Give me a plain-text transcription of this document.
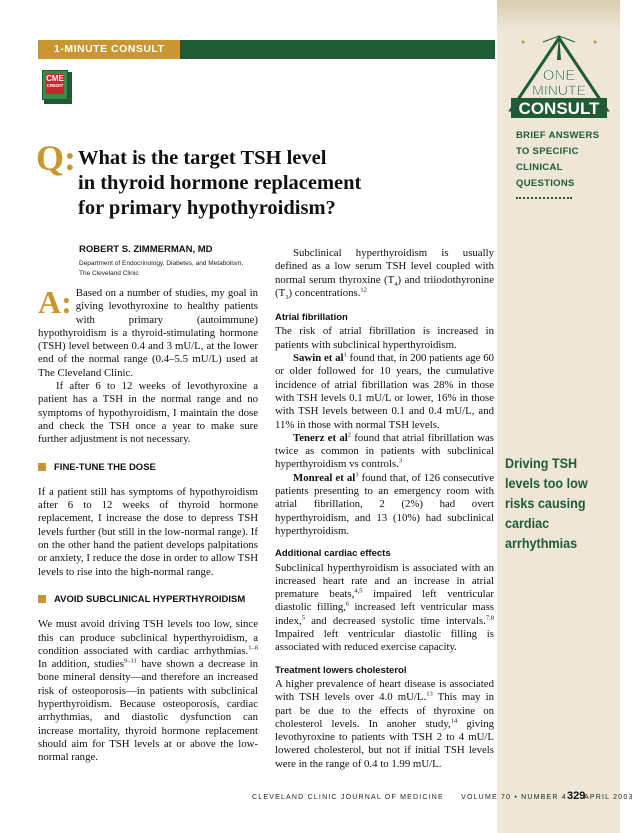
1-MINUTE CONSULT
CME
CREDIT
ONE
MINUTE
CONSULT
BRIEF ANSWERS
TO SPECIFIC
CLINICAL
QUESTIONS
Driving TSH
levels too low
risks causing
cardiac
arrhythmias
Q: What is the target TSH level
in thyroid hormone replacement
for primary hypothyroidism?
ROBERT S. ZIMMERMAN, MD
Department of Endocrinology, Diabetes, and Metabolism,
The Cleveland Clinic

A: Based on a number of studies, my goal in giving levothyroxine to healthy patients with primary (autoimmune) hypothyroidism is a thyroid-stimulating hormone (TSH) level between 0.4 and 3 mU/L, at the lower end of the normal range (0.4–5.5 mU/L) used at The Cleveland Clinic.

If after 6 to 12 weeks of levothyroxine a patient has a TSH in the normal range and no symptoms of hypothyroidism, I maintain the dose and check the TSH once a year to make sure further adjustment is not necessary.

FINE-TUNE THE DOSE

If a patient still has symptoms of hypothyroidism after 6 to 12 weeks of thyroid hormone replacement, I increase the dose to depress TSH levels further (but still in the low-normal range). If on the other hand the patient develops palpitations or anxiety, I reduce the dose in order to allow TSH levels to rise into the high-normal range.

AVOID SUBCLINICAL HYPERTHYROIDISM

We must avoid driving TSH levels too low, since this can produce subclinical hyperthyroidism, a condition associated with cardiac arrhythmias.$^{1-8}$ In addition, studies$^{9-11}$ have shown a decrease in bone mineral density—and therefore an increased risk of osteoporosis—in patients with subclinical hyperthyroidism. Because osteoporosis, cardiac arrhythmias, and diastolic dysfunction can increase mortality, thyroid hormone replacement should aim for TSH levels at or above the low-normal range.

Subclinical hyperthyroidism is usually defined as a low serum TSH level coupled with normal serum thyroxine $(T_4)$ and triiodothyronine $(T_3)$ concentrations.$^{12}$

Atrial fibrillation

The risk of atrial fibrillation is increased in patients with subclinical hyperthyroidism.

Sawin et $al^1$ found that, in 200 patients age 60 or older followed for 10 years, the cumulative incidence of atrial fibrillation was 28% in those with TSH levels 0.1 mU/L or lower, 16% in those with TSH levels between 0.1 and 0.4 mU/L, and 11% in those with normal TSH levels.

Tenerz et $al^2$ found that atrial fibrillation was twice as common in patients with subclinical hyperthyroidism vs controls.$^3$

Monreal et $al^3$ found that, of 126 consecutive patients presenting to an emergency room with atrial fibrillation, 2 (2%) had overt hyperthyroidism, and 13 (10%) had subclinical hyperthyroidism.

Additional cardiac effects

Subclinical hyperthyroidism is associated with an increased heart rate and an increase in atrial premature beats,$^{4,5}$ impaired left ventricular diastolic filling,$^6$ increased left ventricular mass index,$^5$ and decreased systolic time intervals.$^{7,8}$ Impaired left ventricular diastolic filling is associated with reduced exercise capacity.

Treatment lowers cholesterol

A higher prevalence of heart disease is associated with TSH levels over 4.0 mU/L.$^{13}$ This may in part be due to the effects of thyroxine on cholesterol levels. In anoher study,$^{14}$ giving levothyroxine to patients with TSH 2 to 4 mU/L lowered cholesterol, but not if initial TSH levels were in the range of 0.4 to 1.99 mU/L.

CLEVELAND CLINIC JOURNAL OF MEDICINE VOLUME 70 • NUMBER 4 APRIL 2003
329
